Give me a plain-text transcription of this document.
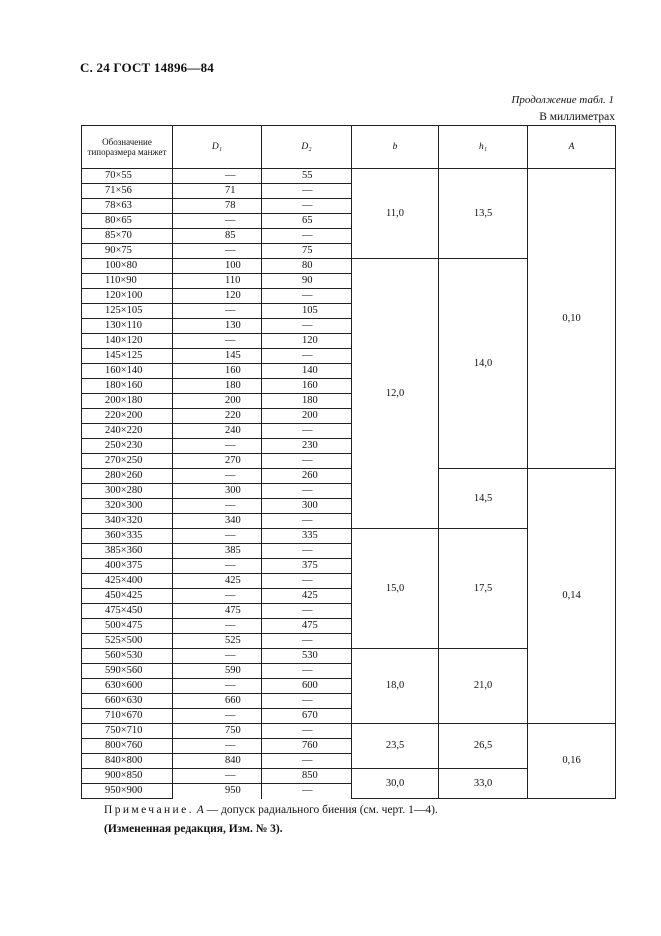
С. 24 ГОСТ 14896—84
Продолжение табл. 1
В миллиметрах
Обозначение типоразмера манжет	D₁	D₂	b	h₁	A
70×55	—	55	11,0	13,5	0,10
71×56	71	—			
78×63	78	—			
80×65	—	65			
85×70	85	—			
90×75	—	75			
100×80	100	80	12,0	14,0	
110×90	110	90			
120×100	120	—			
125×105	—	105			
130×110	130	—			
140×120	—	120			
145×125	145	—			
160×140	160	140			
180×160	180	160			
200×180	200	180			
220×200	220	200			
240×220	240	—			
250×230	—	230			
270×250	270	—			
280×260	—	260		14,5	0,14
300×280	300	—			
320×300	—	300			
340×320	340	—			
360×335	—	335	15,0	17,5	
385×360	385	—			
400×375	—	375			
425×400	425	—			
450×425	—	425			
475×450	475	—			
500×475	—	475			
525×500	525	—			
560×530	—	530	18,0	21,0	
590×560	590	—			
630×600	—	600			
660×630	660	—			
710×670	—	670			
750×710	750	—	23,5	26,5	0,16
800×760	—	760			
840×800	840	—			
900×850	—	850	30,0	33,0	
950×900	950	—			
Примечание. A — допуск радиального биения (см. черт. 1—4).
(Измененная редакция, Изм. № 3).
